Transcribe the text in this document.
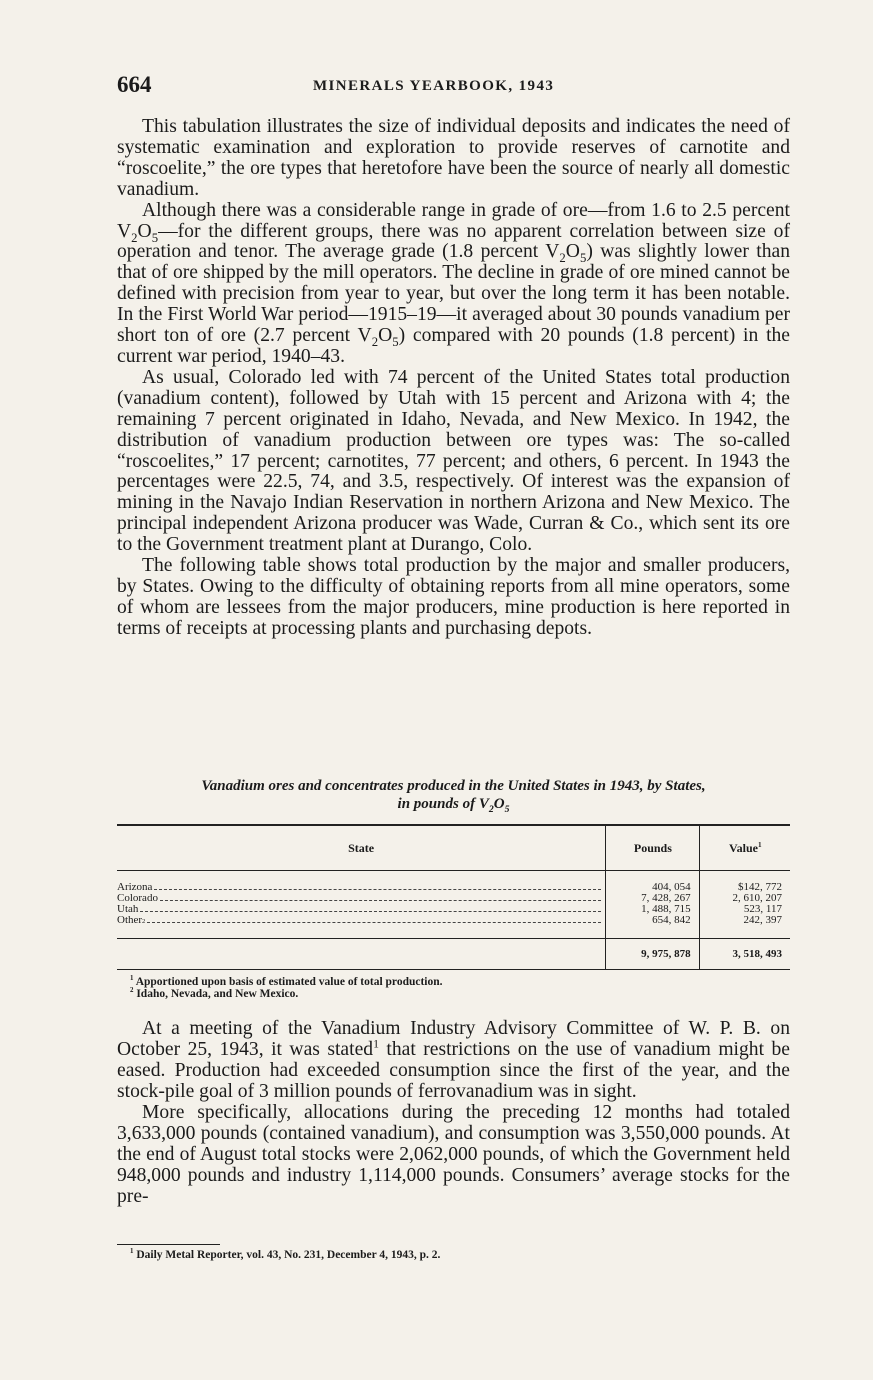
664	MINERALS YEARBOOK, 1943

This tabulation illustrates the size of individual deposits and indicates the need of systematic examination and exploration to provide reserves of carnotite and “roscoelite,” the ore types that heretofore have been the source of nearly all domestic vanadium.

Although there was a considerable range in grade of ore—from 1.6 to 2.5 percent $V_2O_5—for$ the different groups, there was no apparent correlation between size of operation and tenor. The average grade (1.8 percent $V_2O_5$) was slightly lower than that of ore shipped by the mill operators. The decline in grade of ore mined cannot be defined with precision from year to year, but over the long term it has been notable. In the First World War period—1915–19—it averaged about 30 pounds vanadium per short ton of ore (2.7 percent $V_2O_5$) compared with 20 pounds (1.8 percent) in the current war period, 1940–43.

As usual, Colorado led with 74 percent of the United States total production (vanadium content), followed by Utah with 15 percent and Arizona with 4; the remaining 7 percent originated in Idaho, Nevada, and New Mexico. In 1942, the distribution of vanadium production between ore types was: The so-called “roscoelites,” 17 percent; carnotites, 77 percent; and others, 6 percent. In 1943 the percentages were 22.5, 74, and 3.5, respectively. Of interest was the expansion of mining in the Navajo Indian Reservation in northern Arizona and New Mexico. The principal independent Arizona producer was Wade, Curran & Co., which sent its ore to the Government treatment plant at Durango, Colo.

The following table shows total production by the major and smaller producers, by States. Owing to the difficulty of obtaining reports from all mine operators, some of whom are lessees from the major producers, mine production is here reported in terms of receipts at processing plants and purchasing depots.

Vanadium ores and concentrates produced in the United States in 1943, by States,
in pounds of $V_2O_5$
State	Pounds	Value$^1$

Arizona	404, 054	$142, 772

Colorado	7, 428, 267	2, 610, 207

Utah	1, 488, 715	523, 117

Other 2	654, 842	242, 397
	9, 975, 878	3, 518, 493
$^1$ Apportioned upon basis of estimated value of total production.
$^2$ Idaho, Nevada, and New Mexico.

At a meeting of the Vanadium Industry Advisory Committee of W. P. B. on October 25, 1943, it was stated$^1$ that restrictions on the use of vanadium might be eased. Production had exceeded consumption since the first of the year, and the stock-pile goal of 3 million pounds of ferrovanadium was in sight.

More specifically, allocations during the preceding 12 months had totaled 3,633,000 pounds (contained vanadium), and consumption was 3,550,000 pounds. At the end of August total stocks were 2,062,000 pounds, of which the Government held 948,000 pounds and industry 1,114,000 pounds. Consumers’ average stocks for the pre-

$^1$ Daily Metal Reporter, vol. 43, No. 231, December 4, 1943, p. 2.
